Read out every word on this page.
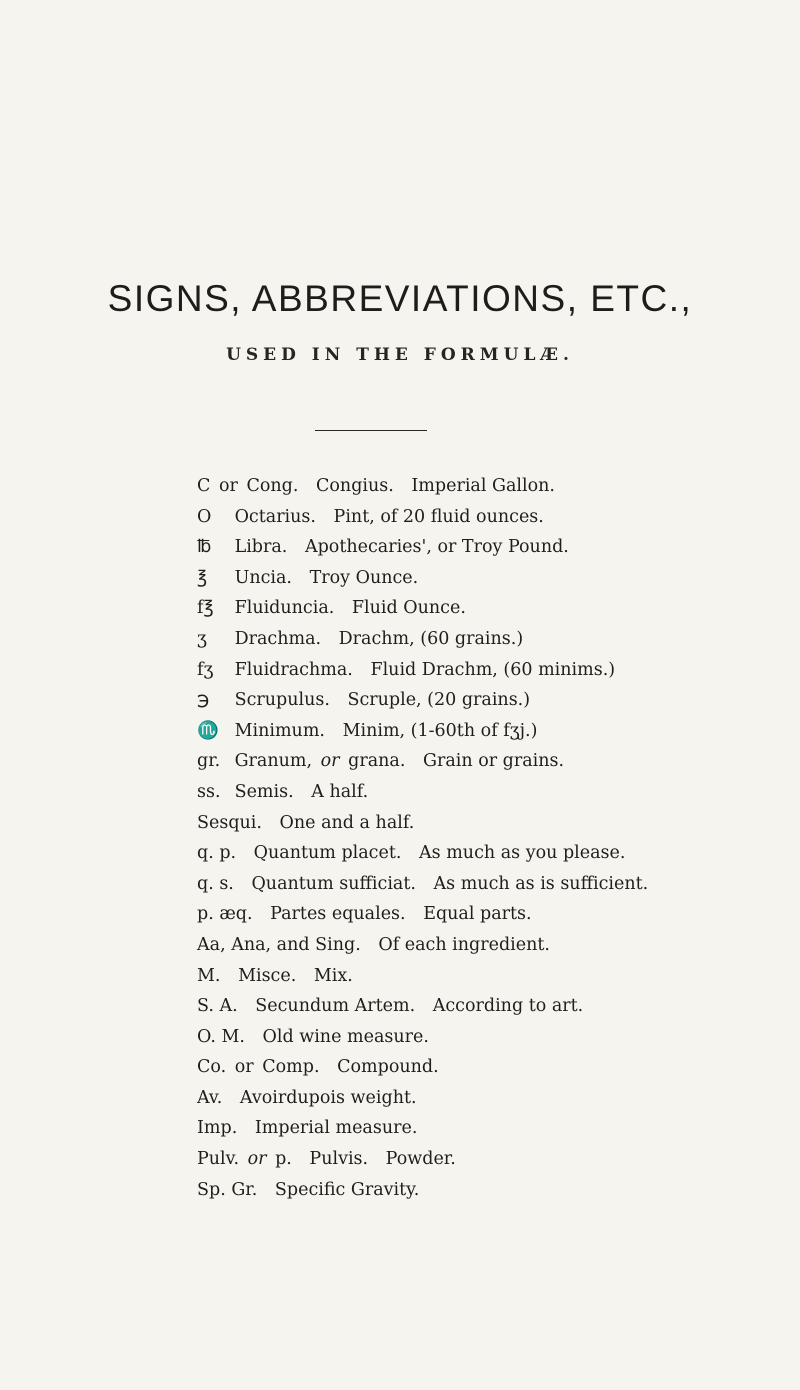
SIGNS, ABBREVIATIONS, ETC.,
USED IN THE FORMULÆ.
C or Cong. Congius. Imperial Gallon.
O Octarius. Pint, of 20 fluid ounces.
℔ Libra. Apothecaries', or Troy Pound.
℥ Uncia. Troy Ounce.
f℥ Fluiduncia. Fluid Ounce.
ʒ Drachma. Drachm, (60 grains.)
fʒ Fluidrachma. Fluid Drachm, (60 minims.)
℈ Scrupulus. Scruple, (20 grains.)
♏ Minimum. Minim, (1-60th of fʒj.)
gr. Granum, or grana. Grain or grains.
ss. Semis. A half.
Sesqui. One and a half.
q. p. Quantum placet. As much as you please.
q. s. Quantum sufficiat. As much as is sufficient.
p. æq. Partes equales. Equal parts.
Aa, Ana, and Sing. Of each ingredient.
M. Misce. Mix.
S. A. Secundum Artem. According to art.
O. M. Old wine measure.
Co. or Comp. Compound.
Av. Avoirdupois weight.
Imp. Imperial measure.
Pulv. or p. Pulvis. Powder.
Sp. Gr. Specific Gravity.
